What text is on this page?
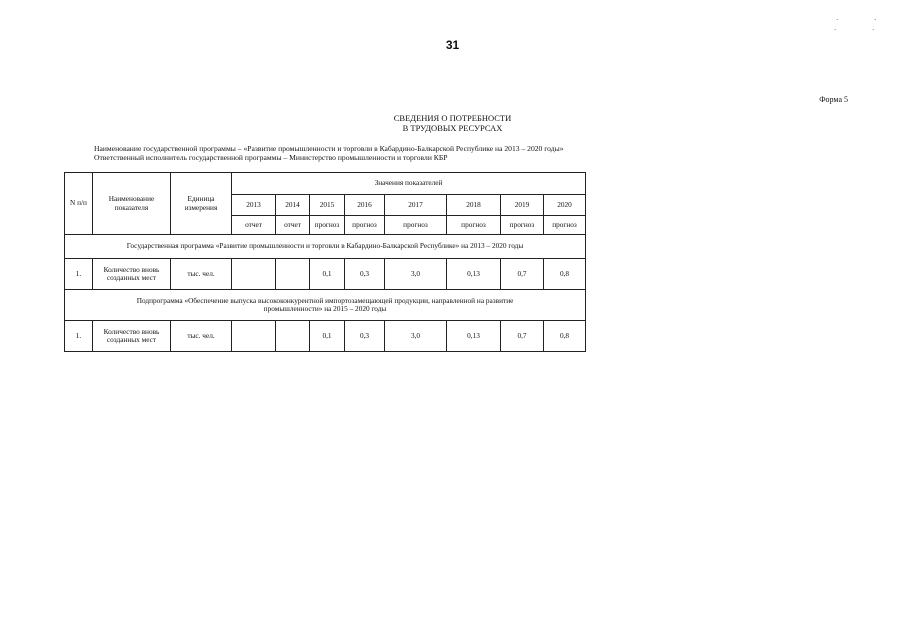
31
Форма 5
СВЕДЕНИЯ О ПОТРЕБНОСТИ
В ТРУДОВЫХ РЕСУРСАХ
Наименование государственной программы – «Развитие промышленности и торговли в Кабардино-Балкарской Республике на 2013 – 2020 годы»
Ответственный исполнитель государственной программы – Министерство промышленности и торговли КБР
N п/п	Наименование показателя	Единица измерения	Значения показателей							
			2013	2014	2015	2016	2017	2018	2019	2020
			отчет	отчет	прогноз	прогноз	прогноз	прогноз	прогноз	прогноз
Государственная программа «Развитие промышленности и торговли в Кабардино-Балкарской Республике» на 2013 – 2020 годы										
1.	Количество вновь созданных мест	тыс. чел.			0,1	0,3	3,0	0,13	0,7	0,8

Подпрограмма «Обеспечение выпуска высококонкурентной импортозамещающей продукции, направленной на развитие
промышленности» на 2015 – 2020 годы										

1.	Количество вновь созданных мест	тыс. чел.			0,1	0,3	3,0	0,13	0,7	0,8
·	·
·	·
